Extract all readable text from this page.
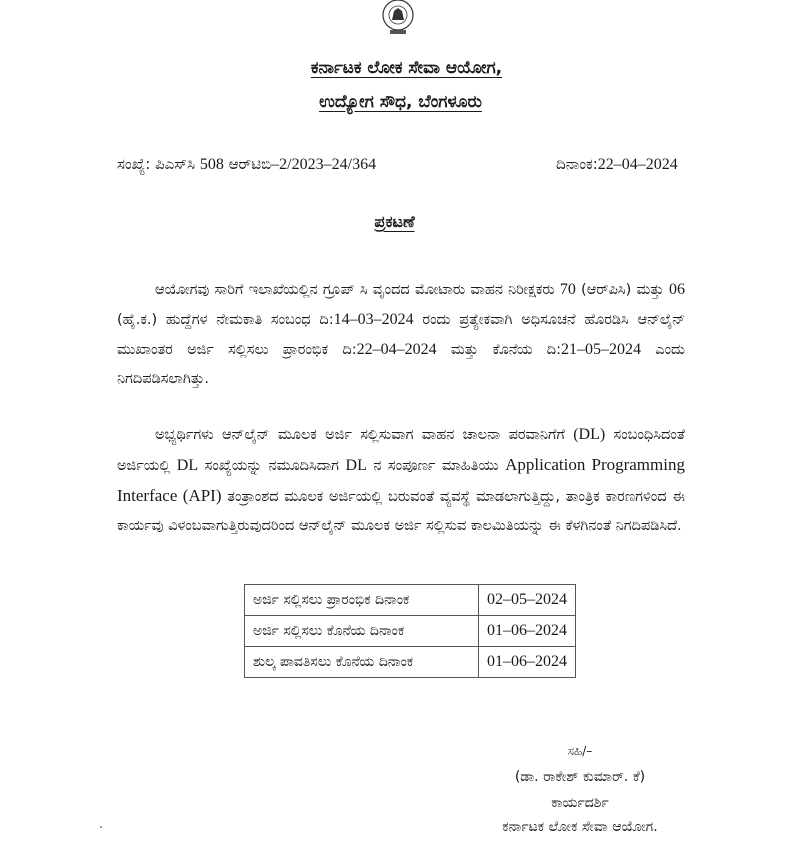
ಕರ್ನಾಟಕ ಲೋಕ ಸೇವಾ ಆಯೋಗ,
ಉದ್ಯೋಗ ಸೌಧ, ಬೆಂಗಳೂರು
ಸಂಖ್ಯೆ: ಪಿಎಸ್‌ಸಿ 508 ಆರ್‌ಟಿಬಿ–2/2023–24/364	ದಿನಾಂಕ:22–04–2024
ಪ್ರಕಟಣೆ
ಆಯೋಗವು ಸಾರಿಗೆ ಇಲಾಖೆಯಲ್ಲಿನ ಗ್ರೂಪ್ ಸಿ ವೃಂದದ ಮೋಟಾರು ವಾಹನ ನಿರೀಕ್ಷಕರು 70 (ಆರ್‌ಪಿಸಿ) ಮತ್ತು 06 (ಹೈ.ಕ.) ಹುದ್ದೆಗಳ ನೇಮಕಾತಿ ಸಂಬಂಧ ದಿ:14–03–2024 ರಂದು ಪ್ರತ್ಯೇಕವಾಗಿ ಅಧಿಸೂಚನೆ ಹೊರಡಿಸಿ ಆನ್‌ಲೈನ್ ಮುಖಾಂತರ ಅರ್ಜಿ ಸಲ್ಲಿಸಲು ಪ್ರಾರಂಭಿಕ ದಿ:22–04–2024 ಮತ್ತು ಕೊನೆಯ ದಿ:21–05–2024 ಎಂದು ನಿಗದಿಪಡಿಸಲಾಗಿತ್ತು.
ಅಭ್ಯರ್ಥಿಗಳು ಆನ್‌ಲೈನ್ ಮೂಲಕ ಅರ್ಜಿ ಸಲ್ಲಿಸುವಾಗ ವಾಹನ ಚಾಲನಾ ಪರವಾನಿಗೆಗೆ (DL) ಸಂಬಂಧಿಸಿದಂತೆ ಅರ್ಜಿಯಲ್ಲಿ DL ಸಂಖ್ಯೆಯನ್ನು ನಮೂದಿಸಿದಾಗ DL ನ ಸಂಪೂರ್ಣ ಮಾಹಿತಿಯು Application Programming Interface (API) ತಂತ್ರಾಂಶದ ಮೂಲಕ ಅರ್ಜಿಯಲ್ಲಿ ಬರುವಂತೆ ವ್ಯವಸ್ಥೆ ಮಾಡಲಾಗುತ್ತಿದ್ದು, ತಾಂತ್ರಿಕ ಕಾರಣಗಳಿಂದ ಈ ಕಾರ್ಯವು ವಿಳಂಬವಾಗುತ್ತಿರುವುದರಿಂದ ಆನ್‌ಲೈನ್ ಮೂಲಕ ಅರ್ಜಿ ಸಲ್ಲಿಸುವ ಕಾಲಮಿತಿಯನ್ನು ಈ ಕೆಳಗಿನಂತೆ ನಿಗದಿಪಡಿಸಿದೆ.
ಅರ್ಜಿ ಸಲ್ಲಿಸಲು ಪ್ರಾರಂಭಿಕ ದಿನಾಂಕ	02–05–2024
ಅರ್ಜಿ ಸಲ್ಲಿಸಲು ಕೊನೆಯ ದಿನಾಂಕ	01–06–2024
ಶುಲ್ಕ ಪಾವತಿಸಲು ಕೊನೆಯ ದಿನಾಂಕ	01–06–2024
ಸಹಿ/–
(ಡಾ. ರಾಕೇಶ್ ಕುಮಾರ್. ಕೆ)
ಕಾರ್ಯದರ್ಶಿ
ಕರ್ನಾಟಕ ಲೋಕ ಸೇವಾ ಆಯೋಗ.
